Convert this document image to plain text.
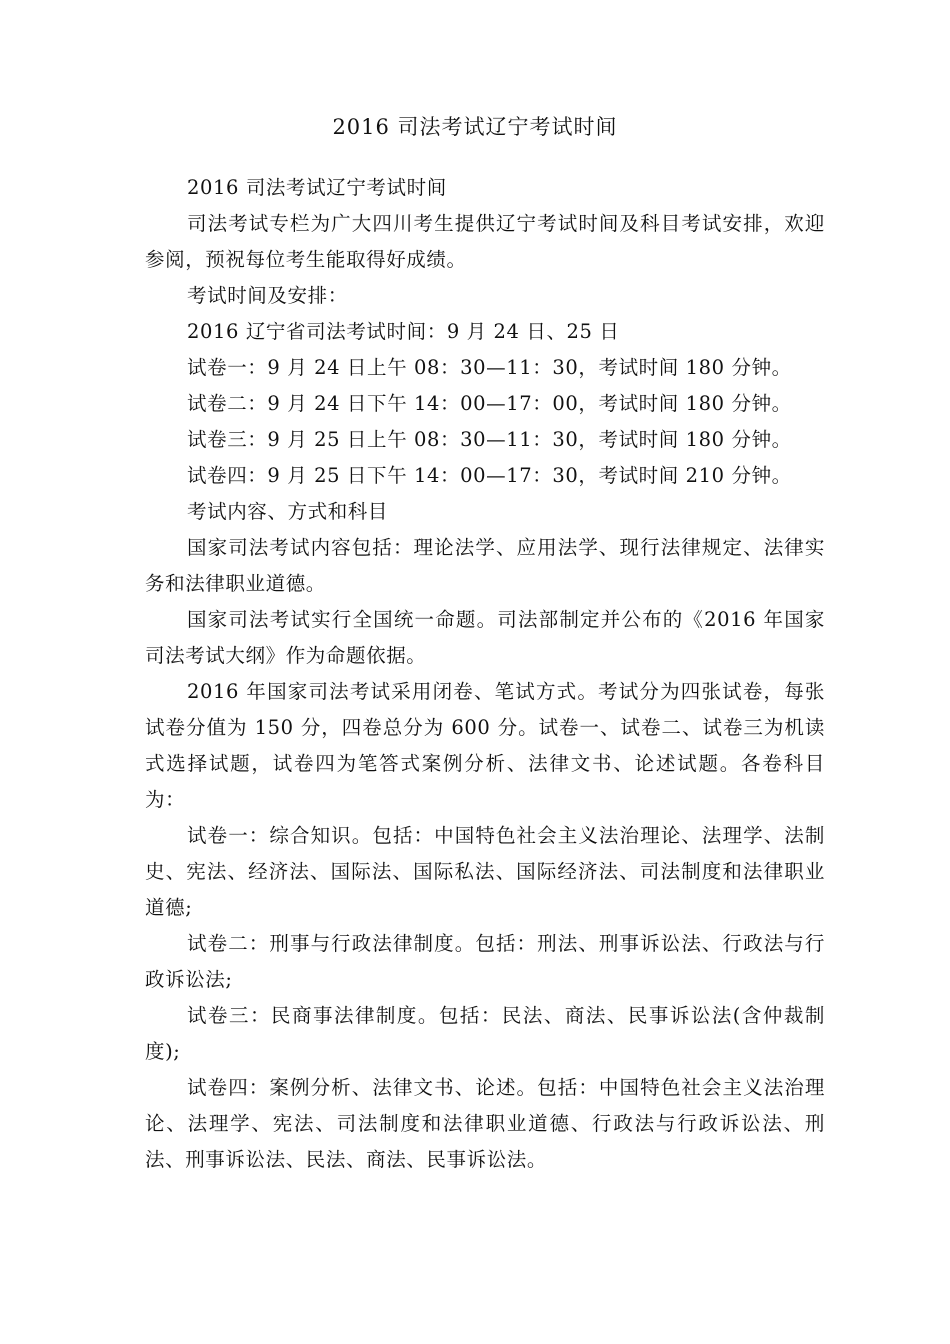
2016 司法考试辽宁考试时间

2016 司法考试辽宁考试时间

司法考试专栏为广大四川考生提供辽宁考试时间及科目考试安排，欢迎参阅，预祝每位考生能取得好成绩。

考试时间及安排：

2016 辽宁省司法考试时间：9 月 24 日、25 日

试卷一：9 月 24 日上午 08：30—11：30，考试时间 180 分钟。

试卷二：9 月 24 日下午 14：00—17：00，考试时间 180 分钟。

试卷三：9 月 25 日上午 08：30—11：30，考试时间 180 分钟。

试卷四：9 月 25 日下午 14：00—17：30，考试时间 210 分钟。

考试内容、方式和科目

国家司法考试内容包括：理论法学、应用法学、现行法律规定、法律实务和法律职业道德。

国家司法考试实行全国统一命题。司法部制定并公布的《2016 年国家司法考试大纲》作为命题依据。

2016 年国家司法考试采用闭卷、笔试方式。考试分为四张试卷，每张试卷分值为 150 分，四卷总分为 600 分。试卷一、试卷二、试卷三为机读式选择试题，试卷四为笔答式案例分析、法律文书、论述试题。各卷科目为：

试卷一：综合知识。包括：中国特色社会主义法治理论、法理学、法制史、宪法、经济法、国际法、国际私法、国际经济法、司法制度和法律职业道德;

试卷二：刑事与行政法律制度。包括：刑法、刑事诉讼法、行政法与行政诉讼法;

试卷三：民商事法律制度。包括：民法、商法、民事诉讼法(含仲裁制度);

试卷四：案例分析、法律文书、论述。包括：中国特色社会主义法治理论、法理学、宪法、司法制度和法律职业道德、行政法与行政诉讼法、刑法、刑事诉讼法、民法、商法、民事诉讼法。
